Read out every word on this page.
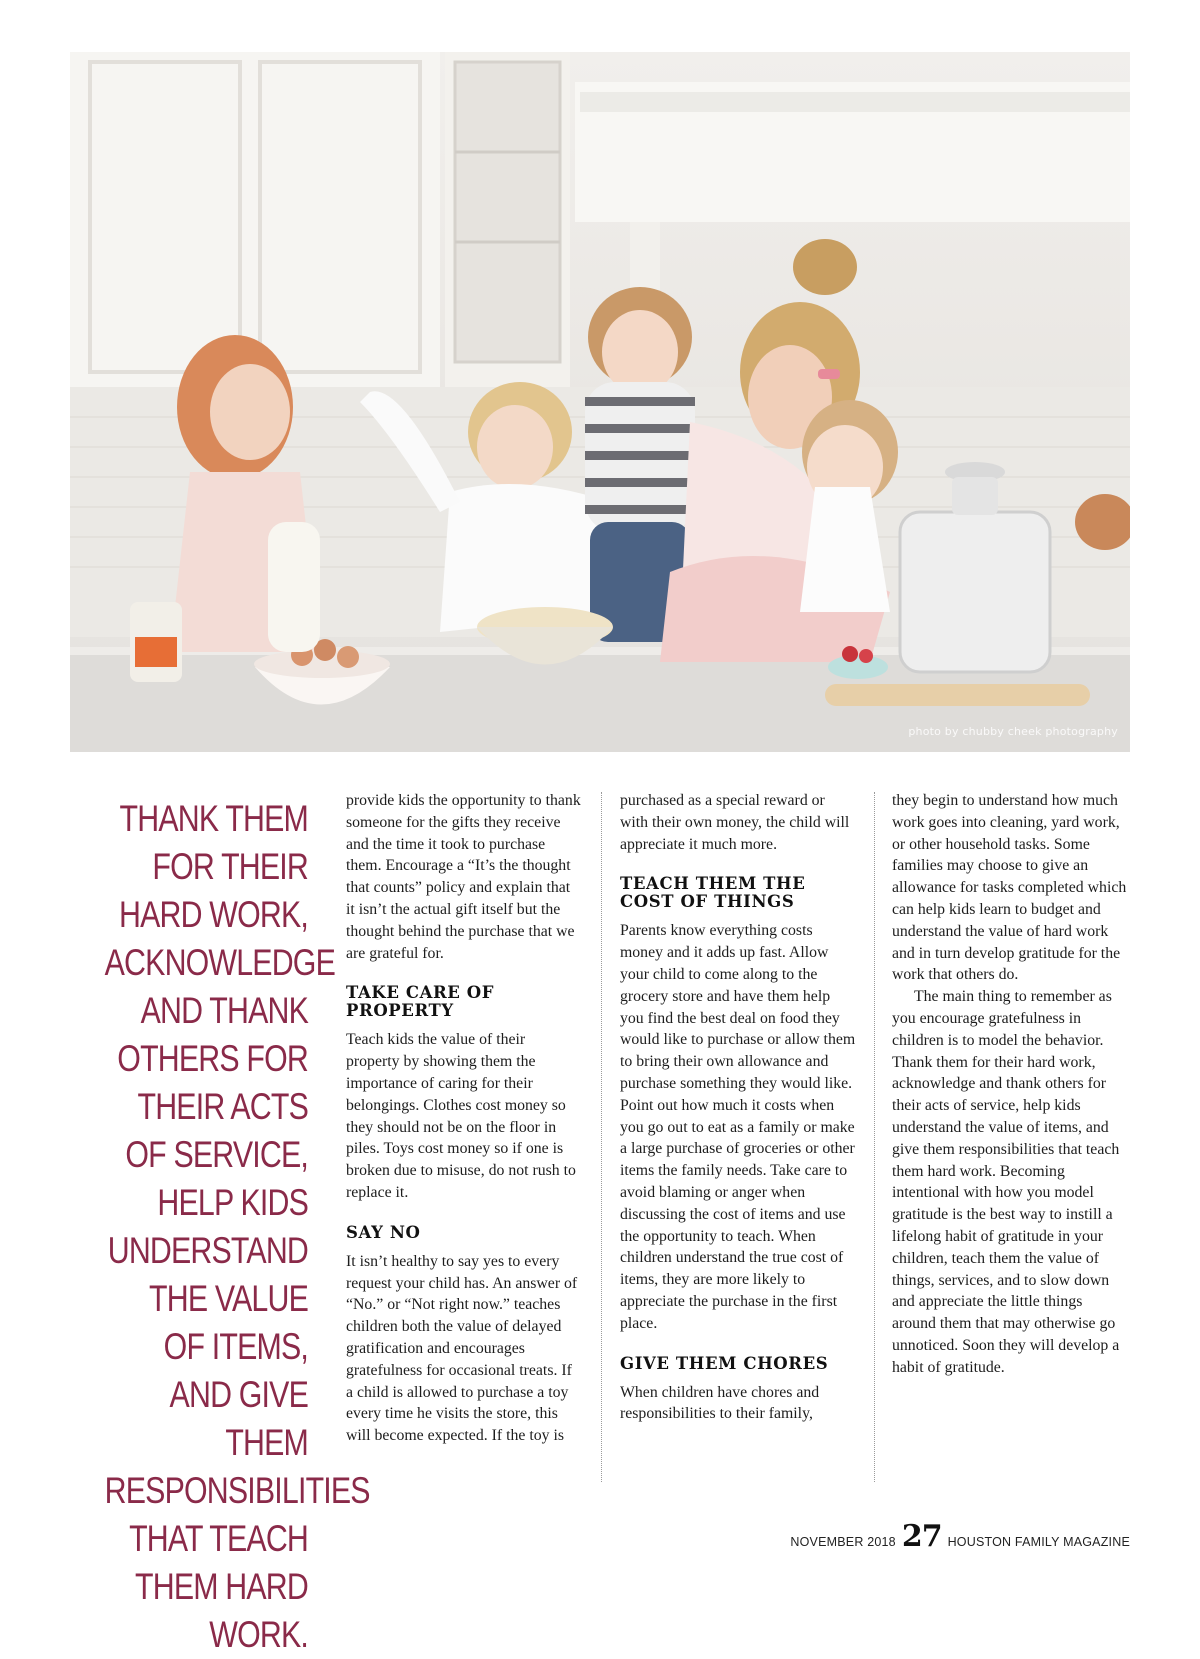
photo by chubby cheek photography
THANK THEM FOR THEIR HARD WORK, ACKNOWLEDGE AND THANK OTHERS FOR THEIR ACTS OF SERVICE, HELP KIDS UNDERSTAND THE VALUE OF ITEMS, AND GIVE THEM RESPONSIBILITIES THAT TEACH THEM HARD WORK.

provide kids the opportunity to thank someone for the gifts they receive and the time it took to purchase them. Encourage a “It’s the thought that counts” policy and explain that it isn’t the actual gift itself but the thought behind the purchase that we are grateful for.

TAKE CARE OF PROPERTY

Teach kids the value of their property by showing them the importance of caring for their belongings. Clothes cost money so they should not be on the floor in piles. Toys cost money so if one is broken due to misuse, do not rush to replace it.

SAY NO

It isn’t healthy to say yes to every request your child has. An answer of “No.” or “Not right now.” teaches children both the value of delayed gratification and encourages gratefulness for occasional treats. If a child is allowed to purchase a toy every time he visits the store, this will become expected. If the toy is

purchased as a special reward or with their own money, the child will appreciate it much more.

TEACH THEM THE COST OF THINGS

Parents know everything costs money and it adds up fast. Allow your child to come along to the grocery store and have them help you find the best deal on food they would like to purchase or allow them to bring their own allowance and purchase something they would like. Point out how much it costs when you go out to eat as a family or make a large purchase of groceries or other items the family needs. Take care to avoid blaming or anger when discussing the cost of items and use the opportunity to teach. When children understand the true cost of items, they are more likely to appreciate the purchase in the first place.

GIVE THEM CHORES

When children have chores and responsibilities to their family,

they begin to understand how much work goes into cleaning, yard work, or other household tasks. Some families may choose to give an allowance for tasks completed which can help kids learn to budget and understand the value of hard work and in turn develop gratitude for the work that others do.

The main thing to remember as you encourage gratefulness in children is to model the behavior. Thank them for their hard work, acknowledge and thank others for their acts of service, help kids understand the value of items, and give them responsibilities that teach them hard work. Becoming intentional with how you model gratitude is the best way to instill a lifelong habit of gratitude in your children, teach them the value of things, services, and to slow down and appreciate the little things around them that may otherwise go unnoticed. Soon they will develop a habit of gratitude.

NOVEMBER 2018 27 HOUSTON FAMILY MAGAZINE
